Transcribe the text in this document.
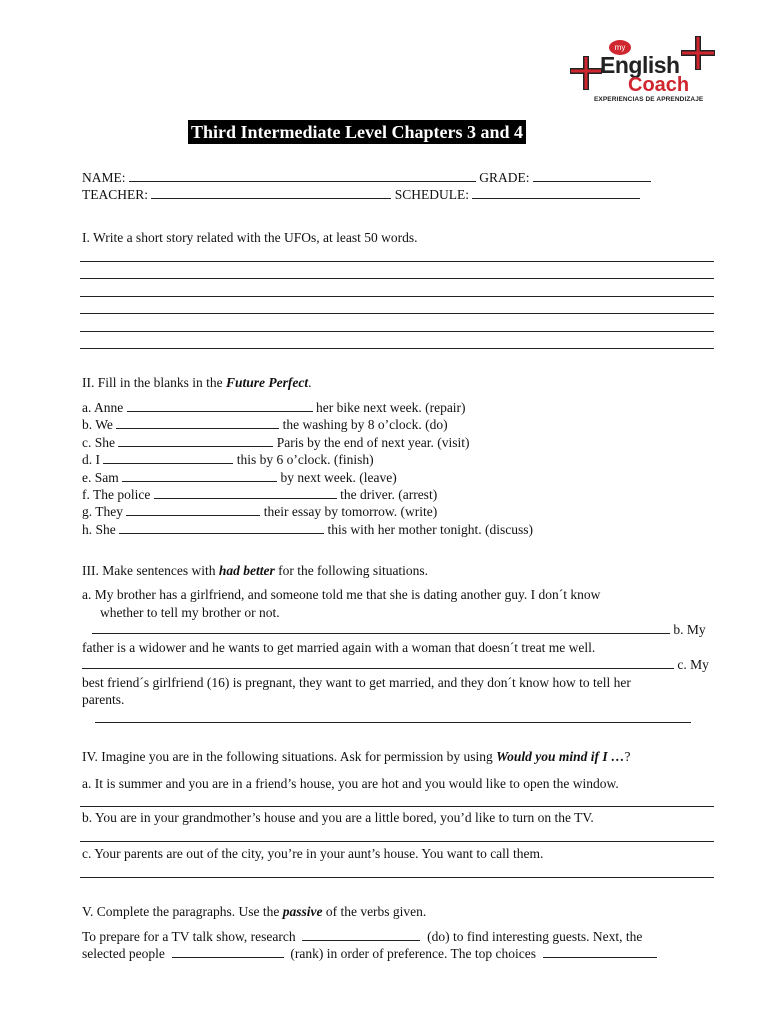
my
English
Coach
EXPERIENCIAS DE APRENDIZAJE
Third Intermediate Level Chapters 3 and 4
NAME:	GRADE:
TEACHER:	SCHEDULE:
I. Write a short story related with the UFOs, at least 50 words.
II. Fill in the blanks in the Future Perfect.
a. Anne	her bike next week. (repair)
b. We	the washing by 8 o’clock. (do)
c. She	Paris by the end of next year. (visit)
d. I	this by 6 o’clock. (finish)
e. Sam	by next week. (leave)
f. The police	the driver. (arrest)
g. They	their essay by tomorrow. (write)
h. She	this with her mother tonight. (discuss)
III. Make sentences with had better for the following situations.
a. My brother has a girlfriend, and someone told me that she is dating another guy. I don´t know
whether to tell my brother or not.
b. My
father is a widower and he wants to get married again with a woman that doesn´t treat me well.
c. My
best friend´s girlfriend (16) is pregnant, they want to get married, and they don´t know how to tell her
parents.
IV. Imagine you are in the following situations. Ask for permission by using Would you mind if I …?
a. It is summer and you are in a friend’s house, you are hot and you would like to open the window.
b. You are in your grandmother’s house and you are a little bored, you’d like to turn on the TV.
c. Your parents are out of the city, you’re in your aunt’s house. You want to call them.
V. Complete the paragraphs. Use the passive of the verbs given.
To prepare for a TV talk show, research	(do) to find interesting guests. Next, the
selected people	(rank) in order of preference. The top choices
